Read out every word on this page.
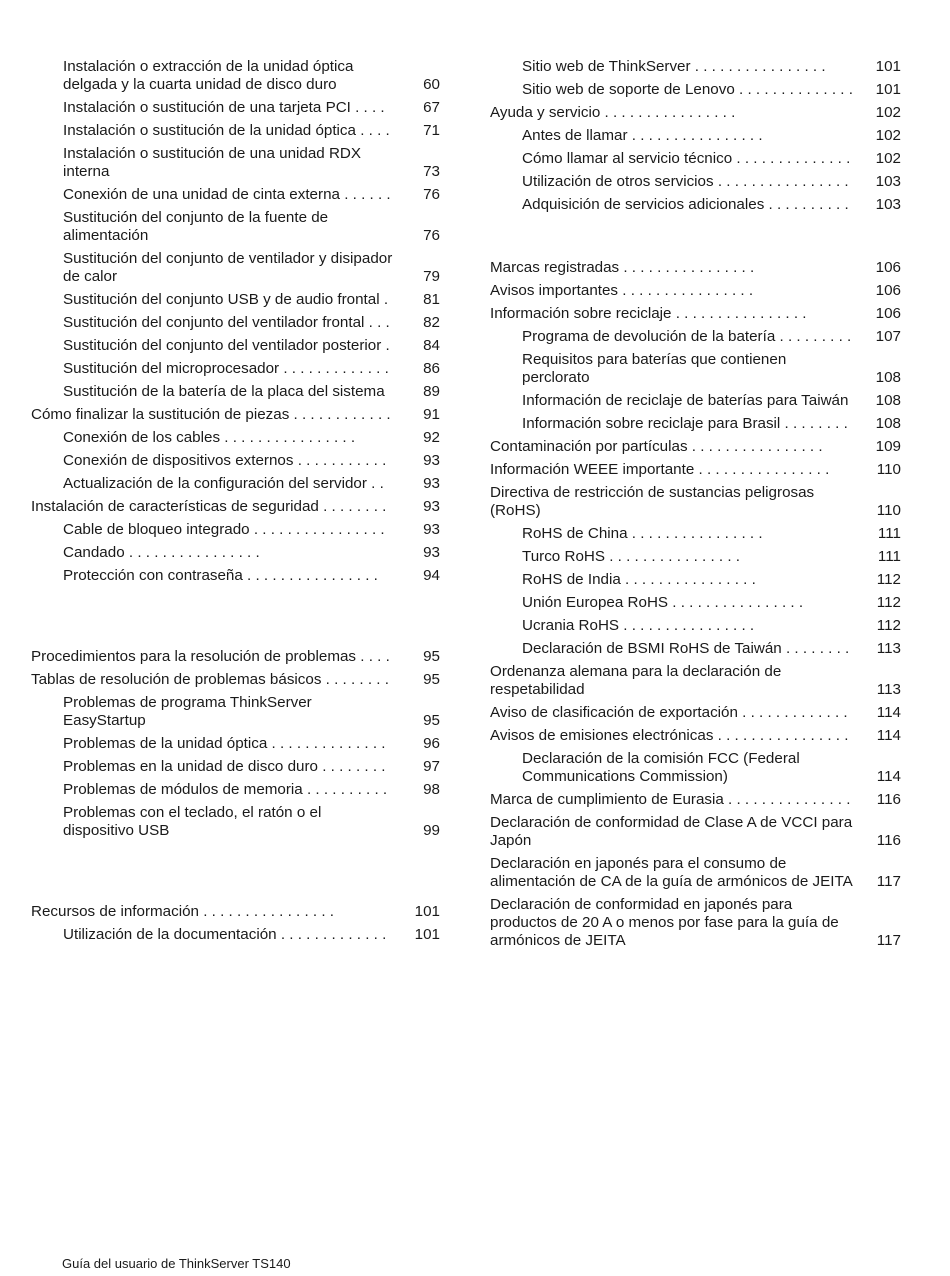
Instalación o extracción de la unidad óptica delgada y la cuarta unidad de disco duro	60
Instalación o sustitución de una tarjeta PCI . . . .	67
Instalación o sustitución de la unidad óptica . . . .	71
Instalación o sustitución de una unidad RDX interna	73
Conexión de una unidad de cinta externa . . . . . .	76
Sustitución del conjunto de la fuente de alimentación	76
Sustitución del conjunto de ventilador y disipador de calor	79
Sustitución del conjunto USB y de audio frontal .	81
Sustitución del conjunto del ventilador frontal . . .	82
Sustitución del conjunto del ventilador posterior .	84
Sustitución del microprocesador . . . . . . . . . . . . .	86
Sustitución de la batería de la placa del sistema	89
Cómo finalizar la sustitución de piezas . . . . . . . . . . . .	91
Conexión de los cables . . . . . . . . . . . . . . . .	92
Conexión de dispositivos externos . . . . . . . . . . .	93
Actualización de la configuración del servidor . .	93
Instalación de características de seguridad . . . . . . . .	93
Cable de bloqueo integrado . . . . . . . . . . . . . . . .	93
Candado . . . . . . . . . . . . . . . .	93
Protección con contraseña . . . . . . . . . . . . . . . .	94
Procedimientos para la resolución de problemas . . . .	95
Tablas de resolución de problemas básicos . . . . . . . .	95
Problemas de programa ThinkServer EasyStartup	95
Problemas de la unidad óptica . . . . . . . . . . . . . .	96
Problemas en la unidad de disco duro . . . . . . . .	97
Problemas de módulos de memoria . . . . . . . . . .	98
Problemas con el teclado, el ratón o el dispositivo USB	99
Recursos de información . . . . . . . . . . . . . . . .	101
Utilización de la documentación . . . . . . . . . . . . .	101
Sitio web de ThinkServer . . . . . . . . . . . . . . . .	101
Sitio web de soporte de Lenovo . . . . . . . . . . . . . .	101
Ayuda y servicio . . . . . . . . . . . . . . . .	102
Antes de llamar . . . . . . . . . . . . . . . .	102
Cómo llamar al servicio técnico . . . . . . . . . . . . . .	102
Utilización de otros servicios . . . . . . . . . . . . . . . .	103
Adquisición de servicios adicionales . . . . . . . . . .	103
Marcas registradas . . . . . . . . . . . . . . . .	106
Avisos importantes . . . . . . . . . . . . . . . .	106
Información sobre reciclaje . . . . . . . . . . . . . . . .	106
Programa de devolución de la batería . . . . . . . . .	107
Requisitos para baterías que contienen perclorato	108
Información de reciclaje de baterías para Taiwán	108
Información sobre reciclaje para Brasil . . . . . . . .	108
Contaminación por partículas . . . . . . . . . . . . . . . .	109
Información WEEE importante . . . . . . . . . . . . . . . .	110
Directiva de restricción de sustancias peligrosas (RoHS)	110
RoHS de China . . . . . . . . . . . . . . . .	111
Turco RoHS . . . . . . . . . . . . . . . .	111
RoHS de India . . . . . . . . . . . . . . . .	112
Unión Europea RoHS . . . . . . . . . . . . . . . .	112
Ucrania RoHS . . . . . . . . . . . . . . . .	112
Declaración de BSMI RoHS de Taiwán . . . . . . . .	113
Ordenanza alemana para la declaración de respetabilidad	113
Aviso de clasificación de exportación . . . . . . . . . . . . .	114
Avisos de emisiones electrónicas . . . . . . . . . . . . . . . .	114
Declaración de la comisión FCC (Federal Communications Commission)	114
Marca de cumplimiento de Eurasia . . . . . . . . . . . . . . .	116
Declaración de conformidad de Clase A de VCCI para Japón	116
Declaración en japonés para el consumo de alimentación de CA de la guía de armónicos de JEITA	117
Declaración de conformidad en japonés para productos de 20 A o menos por fase para la guía de armónicos de JEITA	117
Guía del usuario de ThinkServer TS140
